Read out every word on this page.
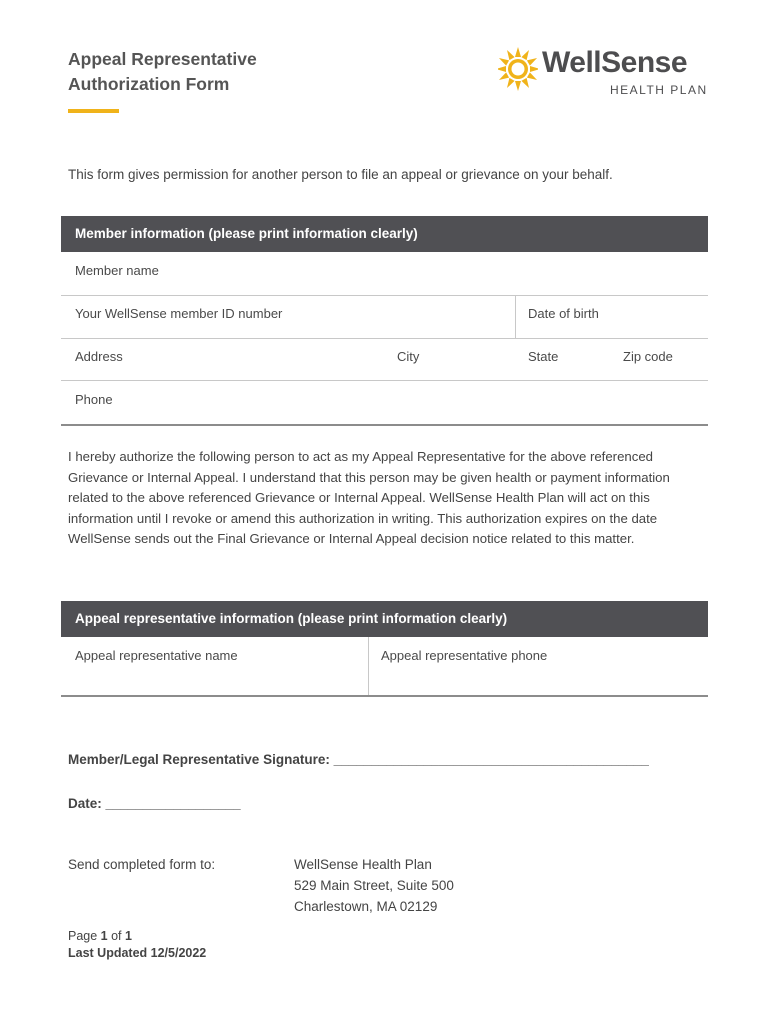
Appeal Representative
Authorization Form
WellSense
HEALTH PLAN
This form gives permission for another person to file an appeal or grievance on your behalf.
Member information (please print information clearly)
Member name
Your WellSense member ID number	Date of birth
Address	City	State	Zip code
Phone
I hereby authorize the following person to act as my Appeal Representative for the above referenced Grievance or Internal Appeal. I understand that this person may be given health or payment information related to the above referenced Grievance or Internal Appeal. WellSense Health Plan will act on this information until I revoke or amend this authorization in writing. This authorization expires on the date WellSense sends out the Final Grievance or Internal Appeal decision notice related to this matter.
Appeal representative information (please print information clearly)
Appeal representative name	Appeal representative phone
Member/Legal Representative Signature: __________________________________________
Date: __________________
Send completed form to:	WellSense Health Plan
529 Main Street, Suite 500
Charlestown, MA 02129
Page 1 of 1
Last Updated 12/5/2022
